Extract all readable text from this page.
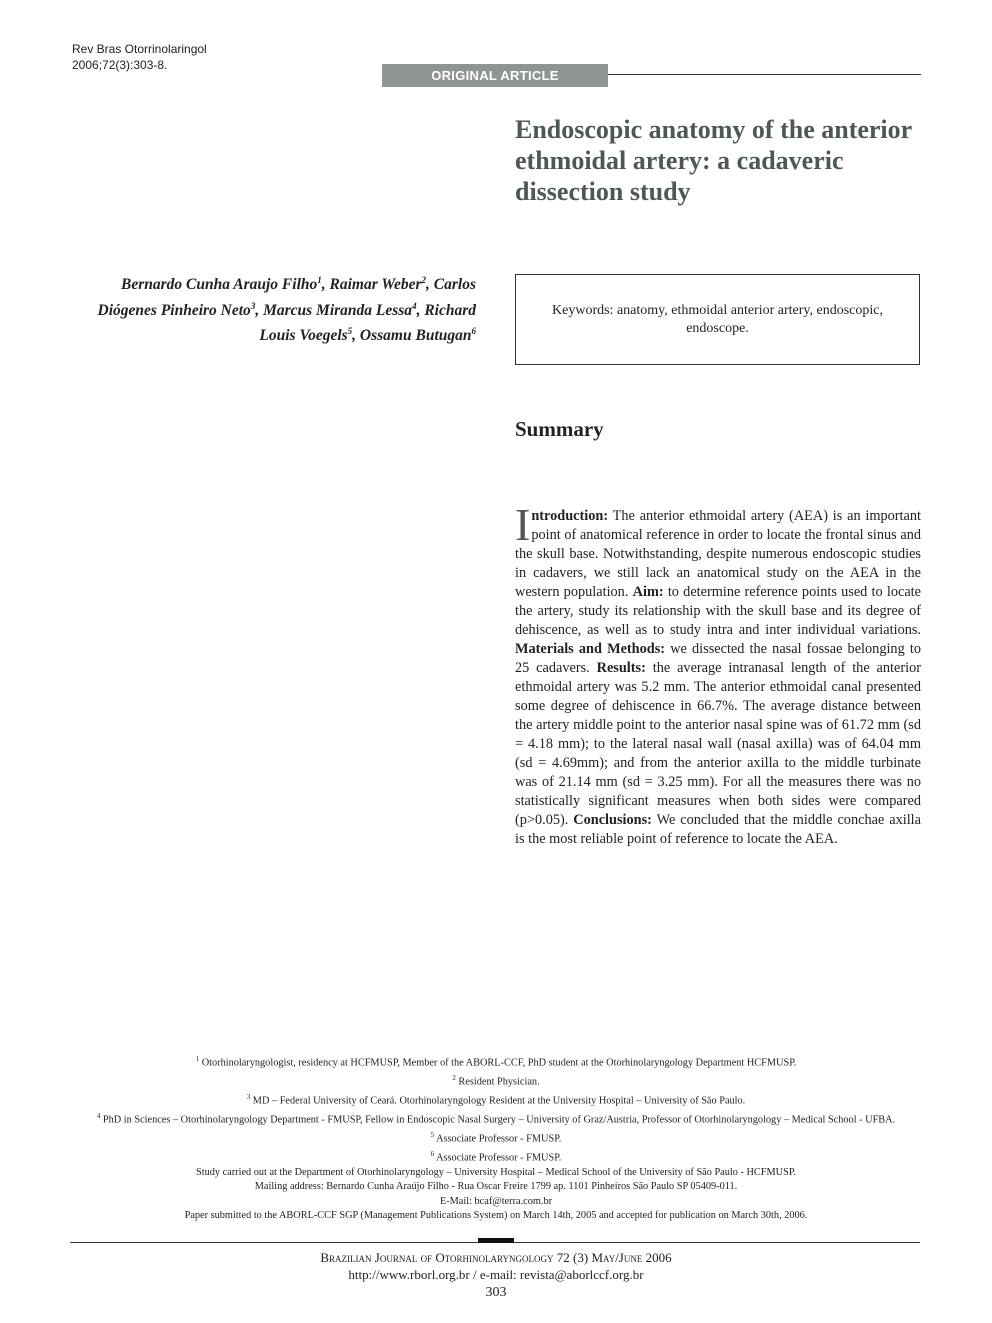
Rev Bras Otorrinolaringol
2006;72(3):303-8.
ORIGINAL ARTICLE
Endoscopic anatomy of the anterior ethmoidal artery: a cadaveric dissection study
Bernardo Cunha Araujo Filho$^1$, Raimar Weber$^2$, Carlos Diógenes Pinheiro Neto$^3$, Marcus Miranda Lessa$^4$, Richard Louis Voegels$^5$, Ossamu Butugan$^6$
Keywords: anatomy, ethmoidal anterior artery, endoscopic, endoscope.
Summary
Introduction: The anterior ethmoidal artery (AEA) is an important point of anatomical reference in order to locate the frontal sinus and the skull base. Notwithstanding, despite numerous endoscopic studies in cadavers, we still lack an anatomical study on the AEA in the western population. Aim: to determine reference points used to locate the artery, study its relationship with the skull base and its degree of dehiscence, as well as to study intra and inter individual variations. Materials and Methods: we dissected the nasal fossae belonging to 25 cadavers. Results: the average intranasal length of the anterior ethmoidal artery was 5.2 mm. The anterior ethmoidal canal presented some degree of dehiscence in 66.7%. The average distance between the artery middle point to the anterior nasal spine was of 61.72 mm (sd = 4.18 mm); to the lateral nasal wall (nasal axilla) was of 64.04 mm (sd = 4.69mm); and from the anterior axilla to the middle turbinate was of 21.14 mm (sd = 3.25 mm). For all the measures there was no statistically significant measures when both sides were compared (p>0.05). Conclusions: We concluded that the middle conchae axilla is the most reliable point of reference to locate the AEA.
$^1$ Otorhinolaryngologist, residency at HCFMUSP, Member of the ABORL-CCF, PhD student at the Otorhinolaryngology Department HCFMUSP.
$^2$ Resident Physician.
$^3$ MD – Federal University of Ceará. Otorhinolaryngology Resident at the University Hospital – University of São Paulo.
$^4$ PhD in Sciences – Otorhinolaryngology Department - FMUSP, Fellow in Endoscopic Nasal Surgery – University of Graz/Austria, Professor of Otorhinolaryngology – Medical School - UFBA.
$^5$ Associate Professor - FMUSP.
$^6$ Associate Professor - FMUSP.
Study carried out at the Department of Otorhinolaryngology – University Hospital – Medical School of the University of São Paulo - HCFMUSP.
Mailing address: Bernardo Cunha Araújo Filho - Rua Oscar Freire 1799 ap. 1101 Pinheiros São Paulo SP 05409-011.
E-Mail: bcaf@terra.com.br
Paper submitted to the ABORL-CCF SGP (Management Publications System) on March 14th, 2005 and accepted for publication on March 30th, 2006.
Brazilian Journal of Otorhinolaryngology 72 (3) May/June 2006
http://www.rborl.org.br / e-mail: revista@aborlccf.org.br
303
